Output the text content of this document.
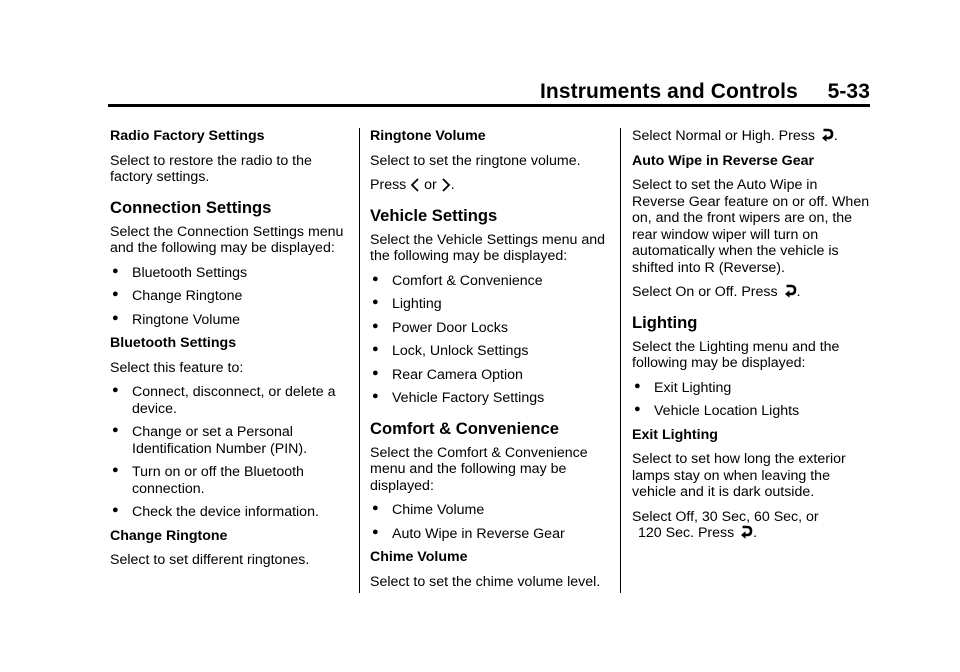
Instruments and Controls 5-33
Radio Factory Settings
Select to restore the radio to the factory settings.
Connection Settings
Select the Connection Settings menu and the following may be displayed:
● Bluetooth Settings
● Change Ringtone
● Ringtone Volume
Bluetooth Settings
Select this feature to:
● Connect, disconnect, or delete a device.
● Change or set a Personal Identification Number (PIN).
● Turn on or off the Bluetooth connection.
● Check the device information.
Change Ringtone
Select to set different ringtones.
Ringtone Volume
Select to set the ringtone volume.
Press or .
Vehicle Settings
Select the Vehicle Settings menu and the following may be displayed:
● Comfort & Convenience
● Lighting
● Power Door Locks
● Lock, Unlock Settings
● Rear Camera Option
● Vehicle Factory Settings
Comfort & Convenience
Select the Comfort & Convenience menu and the following may be displayed:
● Chime Volume
● Auto Wipe in Reverse Gear
Chime Volume
Select to set the chime volume level.
Select Normal or High. Press .
Auto Wipe in Reverse Gear
Select to set the Auto Wipe in Reverse Gear feature on or off. When on, and the front wipers are on, the rear window wiper will turn on automatically when the vehicle is shifted into R (Reverse).
Select On or Off. Press .
Lighting
Select the Lighting menu and the following may be displayed:
● Exit Lighting
● Vehicle Location Lights
Exit Lighting
Select to set how long the exterior lamps stay on when leaving the vehicle and it is dark outside.
Select Off, 30 Sec, 60 Sec, or
120 Sec. Press .
